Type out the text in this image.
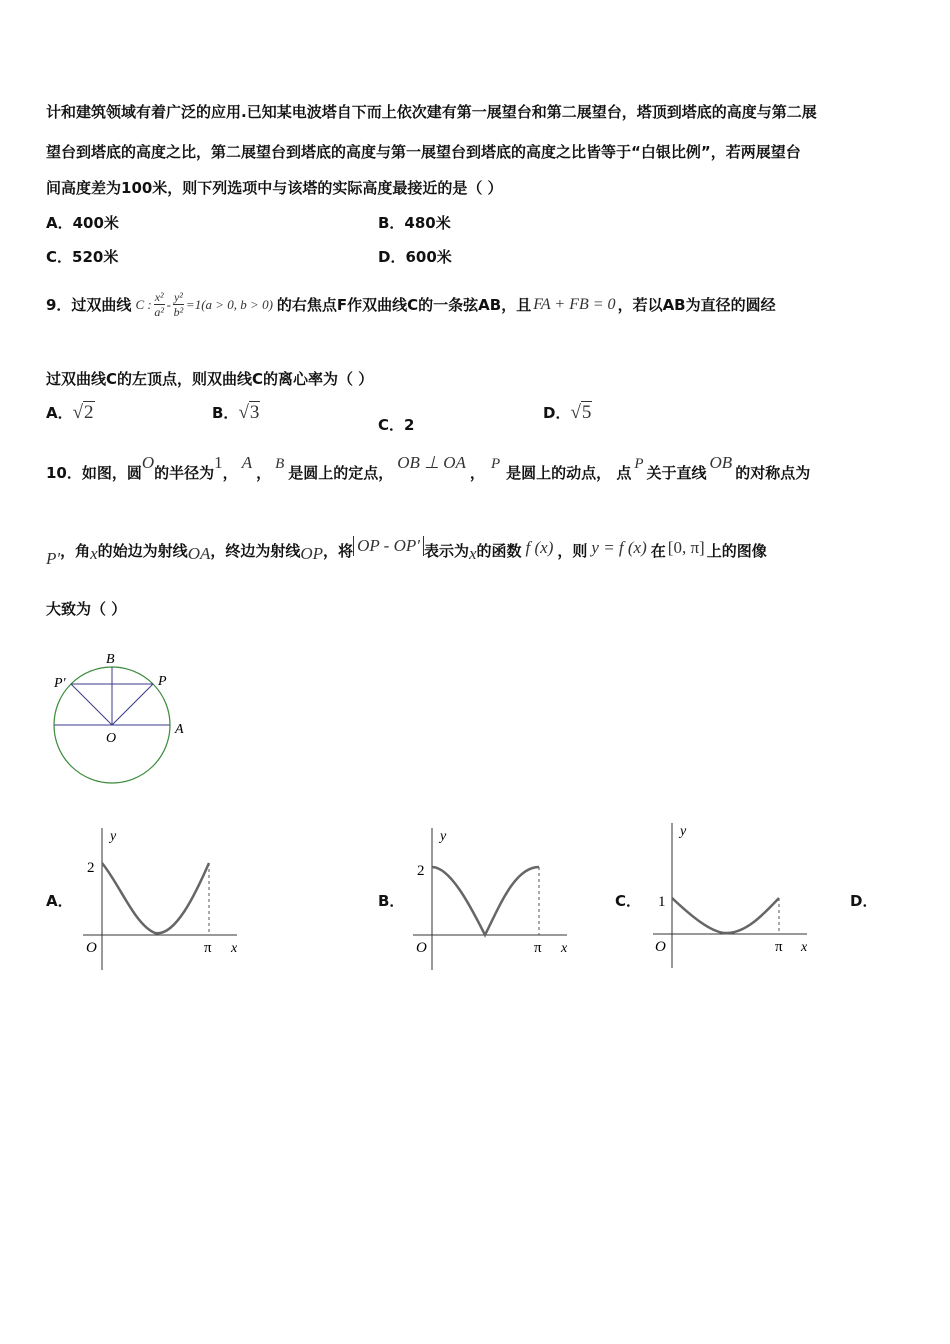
计和建筑领域有着广泛的应用.已知某电波塔自下而上依次建有第一展望台和第二展望台，塔顶到塔底的高度与第二展
望台到塔底的高度之比，第二展望台到塔底的高度与第一展望台到塔底的高度之比皆等于“白银比例”，若两展望台
间高度差为100米，则下列选项中与该塔的实际高度最接近的是（ ）
A．400米	B．480米
C．520米	D．600米
9．过双曲线 C : $\frac{\text{x²}}{\text{a²}} - \frac{\text{y²}}{\text{b²}} =1(a > 0$, b > 0) 的右焦点F作双曲线C的一条弦AB，且 FA + FB = 0 ，若以AB为直径的圆经
过双曲线C的左顶点，则双曲线C的离心率为（ ）
A．√2	B．√3
C．2
D．√5
10．如图，圆
O
的半径为
1
，
A
， B 是圆上的定点，
OB ⊥ OA
， P 是圆上的动点， 点 P 关于直线
OB
的对称点为
P′ ，角 x 的始边为射线 OA ，终边为射线 OP ，将 OP - OP′ 表示为 x 的函数 f (x) ，则 y = f (x) 在 [0, π] 上的图像
大致为（ ）
B
P
P′
O
A
A．
y
2
O	π x
B．
y
2
O	π x
C．
y
1
O	π x
D．
